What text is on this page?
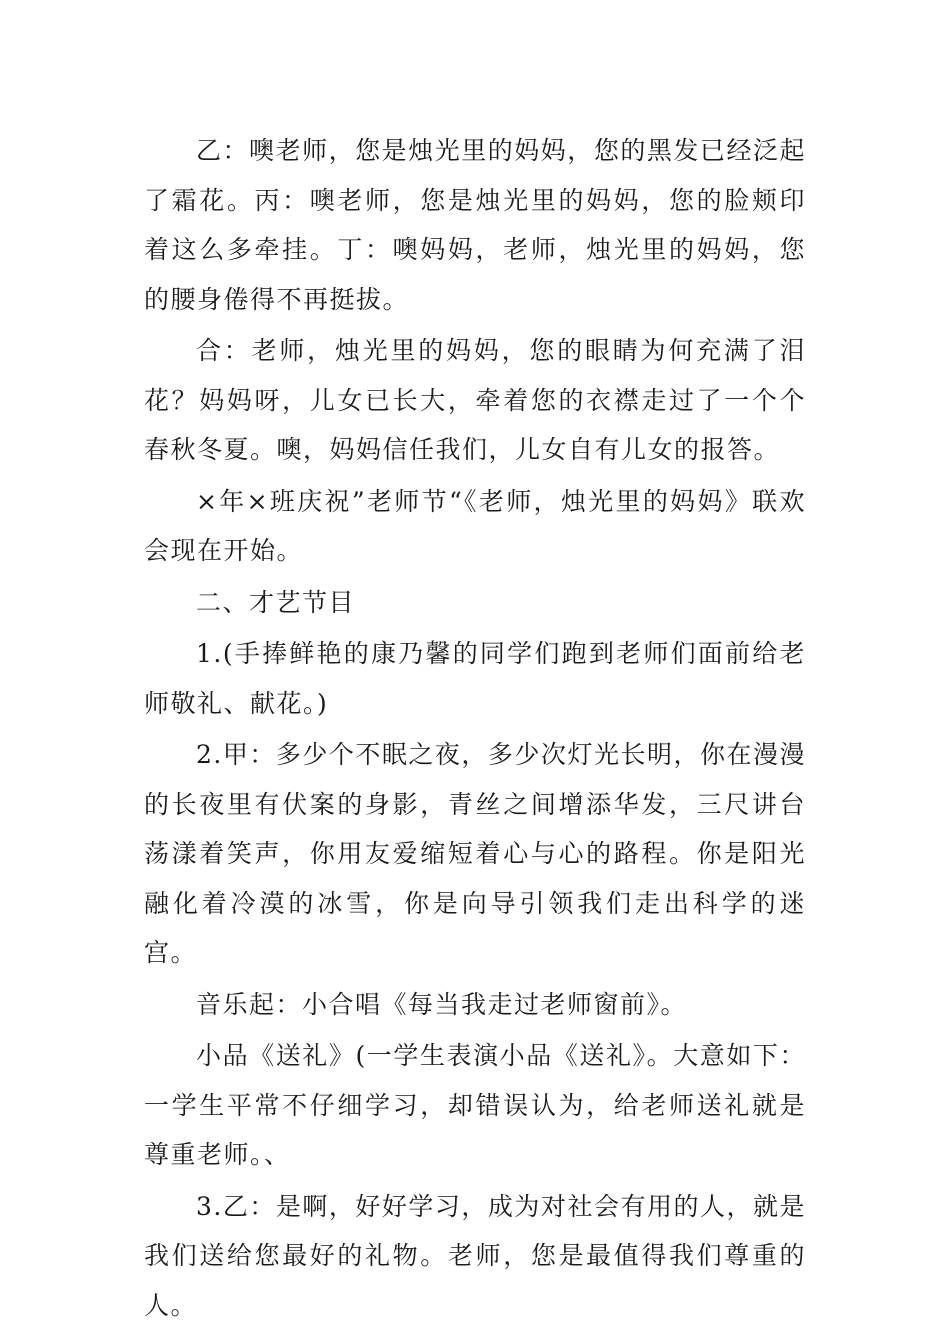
乙：噢老师，您是烛光里的妈妈，您的黑发已经泛起了霜花。丙：噢老师，您是烛光里的妈妈，您的脸颊印着这么多牵挂。丁：噢妈妈，老师，烛光里的妈妈，您的腰身倦得不再挺拔。

合：老师，烛光里的妈妈，您的眼睛为何充满了泪花？妈妈呀，儿女已长大，牵着您的衣襟走过了一个个春秋冬夏。噢，妈妈信任我们，儿女自有儿女的报答。

×年×班庆祝”老师节“《老师，烛光里的妈妈》联欢会现在开始。

二、才艺节目

1.(手捧鲜艳的康乃馨的同学们跑到老师们面前给老师敬礼、献花。)

2.甲：多少个不眠之夜，多少次灯光长明，你在漫漫的长夜里有伏案的身影，青丝之间增添华发，三尺讲台荡漾着笑声，你用友爱缩短着心与心的路程。你是阳光融化着冷漠的冰雪，你是向导引领我们走出科学的迷宫。

音乐起：小合唱《每当我走过老师窗前》。

小品《送礼》(一学生表演小品《送礼》。大意如下：一学生平常不仔细学习，却错误认为，给老师送礼就是尊重老师。、

3.乙：是啊，好好学习，成为对社会有用的人，就是我们送给您最好的礼物。老师，您是最值得我们尊重的人。
